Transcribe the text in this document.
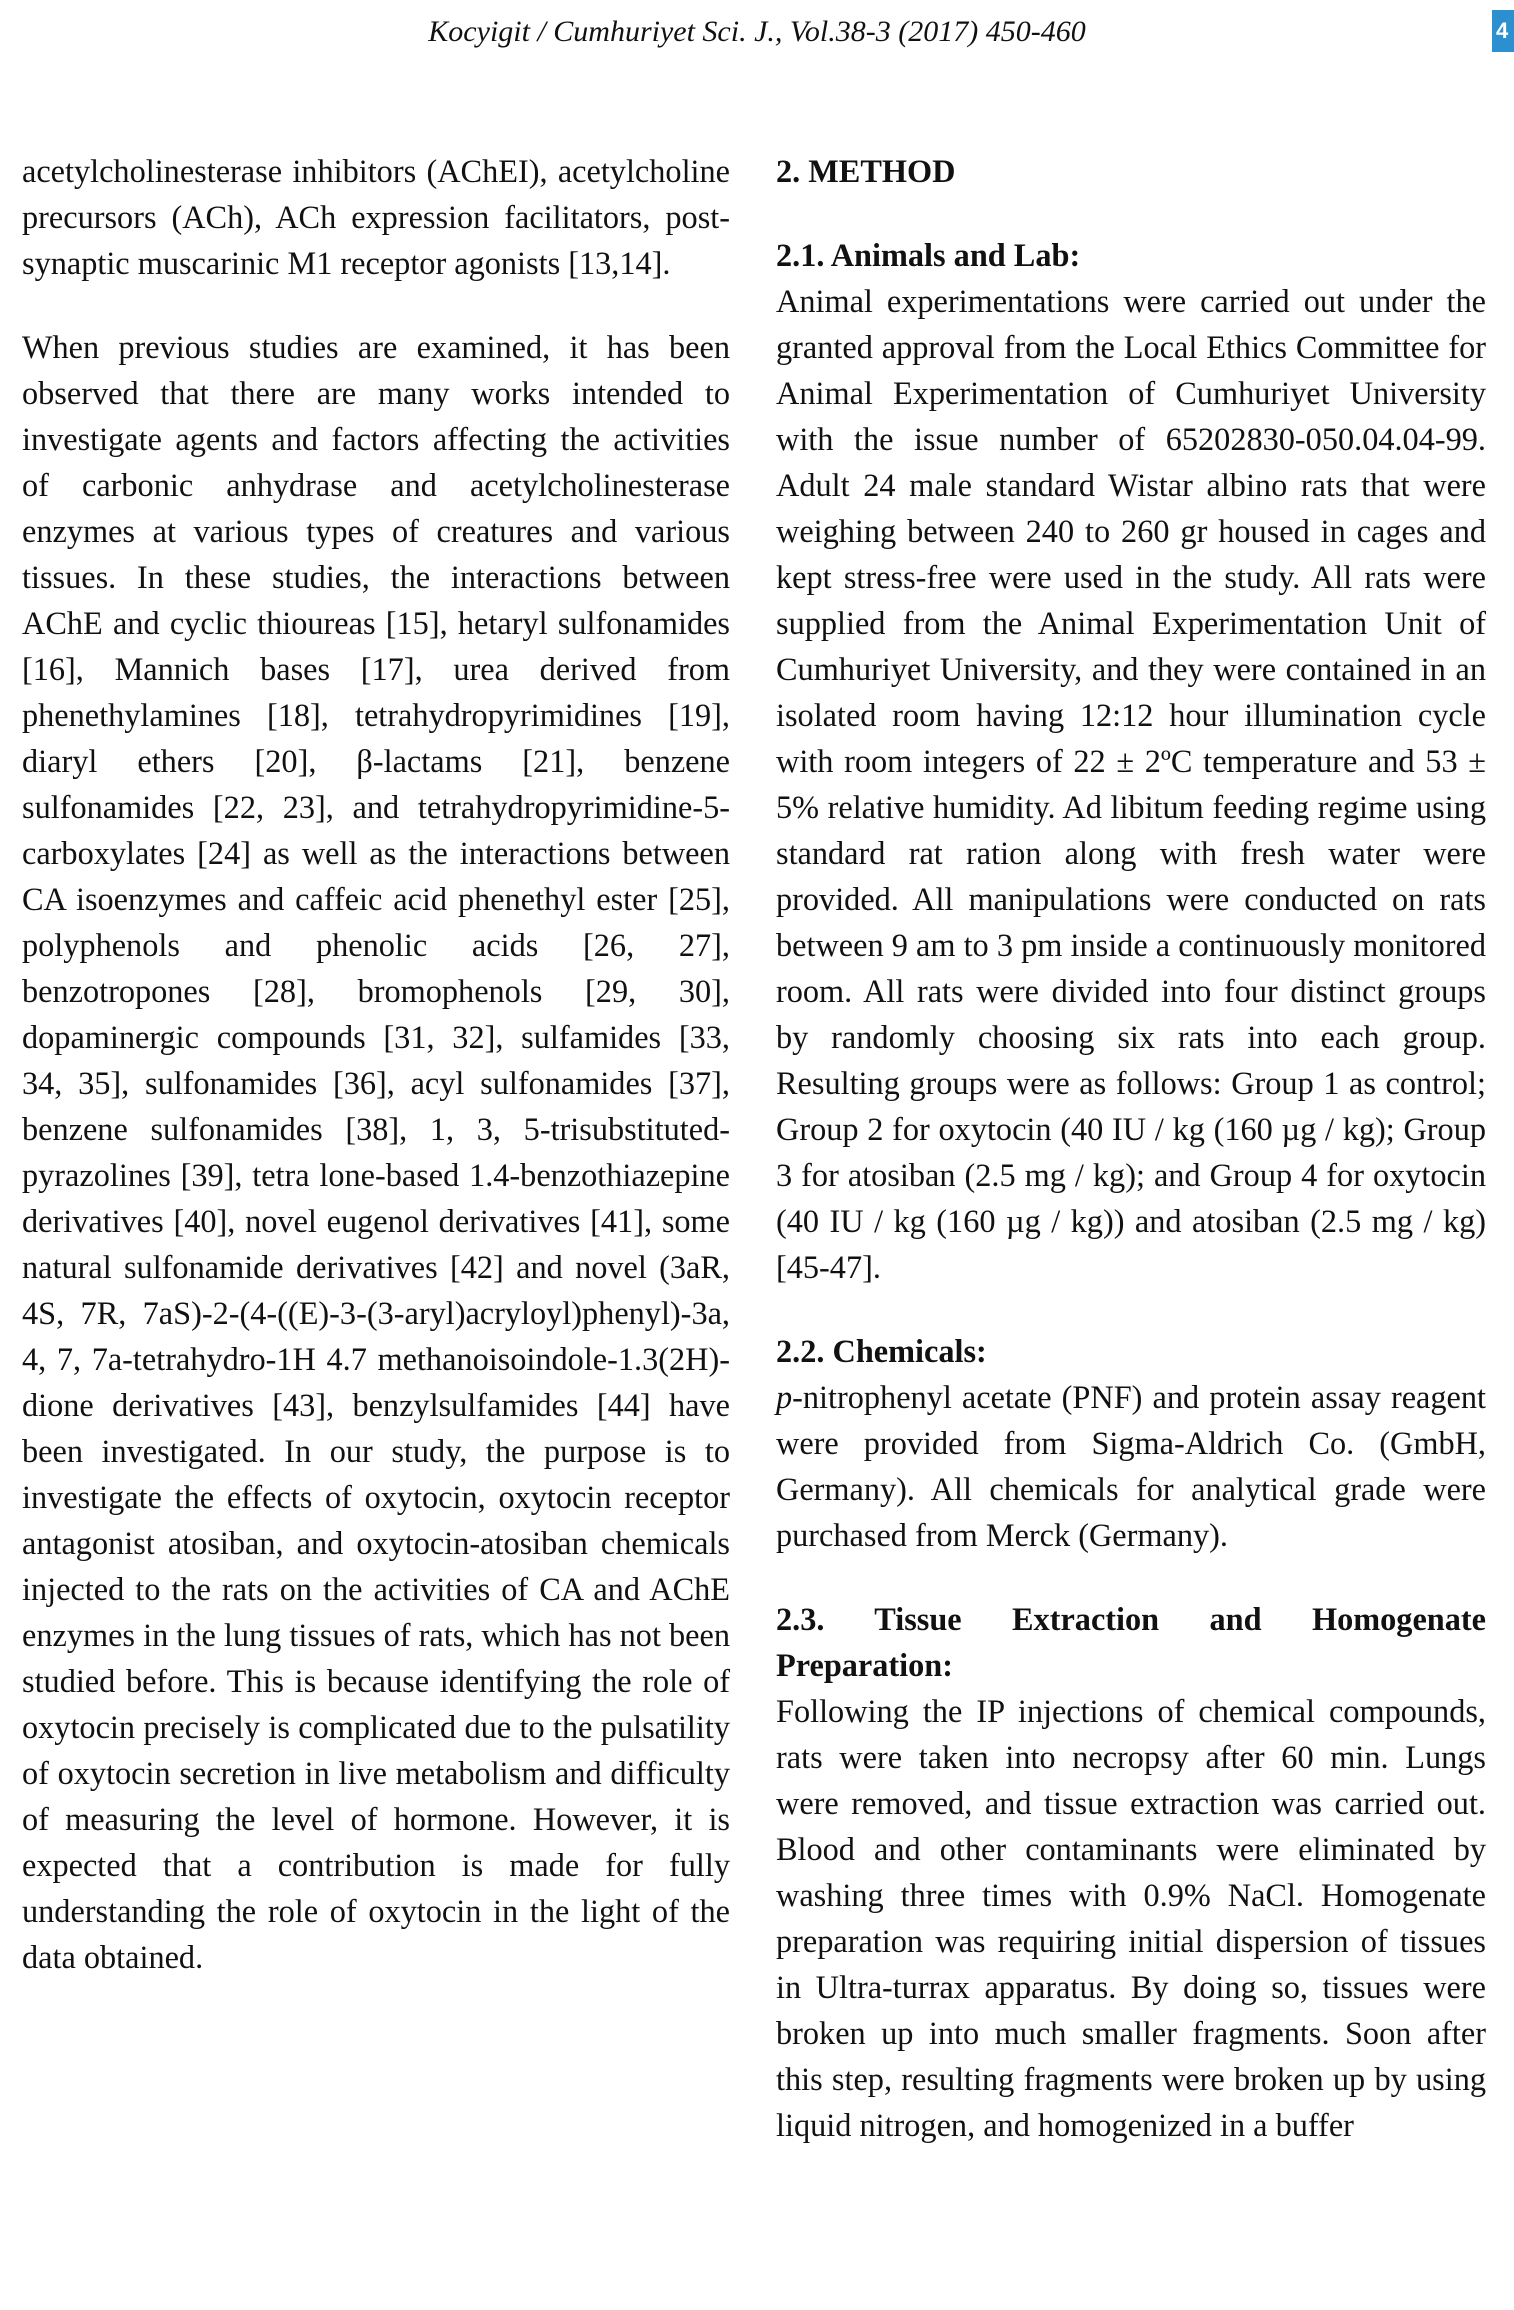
Kocyigit / Cumhuriyet Sci. J., Vol.38-3 (2017) 450-460	4

acetylcholinesterase inhibitors (AChEI), acetylcholine precursors (ACh), ACh expression facilitators, post-synaptic muscarinic M1 receptor agonists [13,14].

When previous studies are examined, it has been observed that there are many works intended to investigate agents and factors affecting the activities of carbonic anhydrase and acetylcholinesterase enzymes at various types of creatures and various tissues. In these studies, the interactions between AChE and cyclic thioureas [15], hetaryl sulfonamides [16], Mannich bases [17], urea derived from phenethylamines [18], tetrahydropyrimidines [19], diaryl ethers [20], β-lactams [21], benzene sulfonamides [22, 23], and tetrahydropyrimidine-5-carboxylates [24] as well as the interactions between CA isoenzymes and caffeic acid phenethyl ester [25], polyphenols and phenolic acids [26, 27], benzotropones [28], bromophenols [29, 30], dopaminergic compounds [31, 32], sulfamides [33, 34, 35], sulfonamides [36], acyl sulfonamides [37], benzene sulfonamides [38], 1, 3, 5-trisubstituted-pyrazolines [39], tetra lone-based 1.4-benzothiazepine derivatives [40], novel eugenol derivatives [41], some natural sulfonamide derivatives [42] and novel (3aR, 4S, 7R, 7aS)-2-(4-((E)-3-(3-aryl)acryloyl)phenyl)-3a, 4, 7, 7a-tetrahydro-1H 4.7 methanoisoindole-1.3(2H)-dione derivatives [43], benzylsulfamides [44] have been investigated. In our study, the purpose is to investigate the effects of oxytocin, oxytocin receptor antagonist atosiban, and oxytocin-atosiban chemicals injected to the rats on the activities of CA and AChE enzymes in the lung tissues of rats, which has not been studied before. This is because identifying the role of oxytocin precisely is complicated due to the pulsatility of oxytocin secretion in live metabolism and difficulty of measuring the level of hormone. However, it is expected that a contribution is made for fully understanding the role of oxytocin in the light of the data obtained.

2. METHOD

2.1. Animals and Lab:

Animal experimentations were carried out under the granted approval from the Local Ethics Committee for Animal Experimentation of Cumhuriyet University with the issue number of 65202830-050.04.04-99. Adult 24 male standard Wistar albino rats that were weighing between 240 to 260 gr housed in cages and kept stress-free were used in the study. All rats were supplied from the Animal Experimentation Unit of Cumhuriyet University, and they were contained in an isolated room having 12:12 hour illumination cycle with room integers of 22 ± 2ºC temperature and 53 ± 5% relative humidity. Ad libitum feeding regime using standard rat ration along with fresh water were provided. All manipulations were conducted on rats between 9 am to 3 pm inside a continuously monitored room. All rats were divided into four distinct groups by randomly choosing six rats into each group. Resulting groups were as follows: Group 1 as control; Group 2 for oxytocin (40 IU / kg (160 µg / kg); Group 3 for atosiban (2.5 mg / kg); and Group 4 for oxytocin (40 IU / kg (160 µg / kg)) and atosiban (2.5 mg / kg) [45-47].

2.2. Chemicals:

p-nitrophenyl acetate (PNF) and protein assay reagent were provided from Sigma-Aldrich Co. (GmbH, Germany). All chemicals for analytical grade were purchased from Merck (Germany).

2.3. Tissue Extraction and Homogenate

Preparation:

Following the IP injections of chemical compounds, rats were taken into necropsy after 60 min. Lungs were removed, and tissue extraction was carried out. Blood and other contaminants were eliminated by washing three times with 0.9% NaCl. Homogenate preparation was requiring initial dispersion of tissues in Ultra-turrax apparatus. By doing so, tissues were broken up into much smaller fragments. Soon after this step, resulting fragments were broken up by using liquid nitrogen, and homogenized in a buffer
